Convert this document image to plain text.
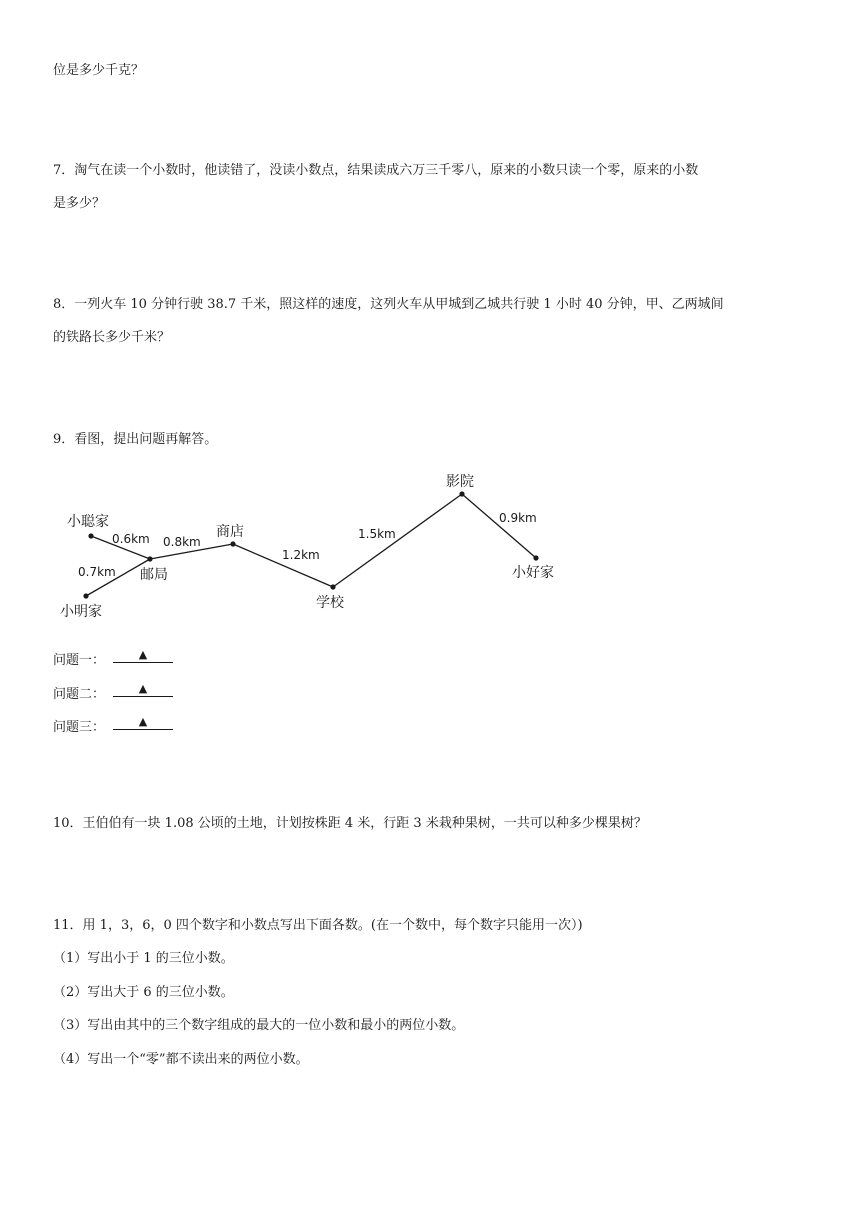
位是多少千克？
7．淘气在读一个小数时，他读错了，没读小数点，结果读成六万三千零八，原来的小数只读一个零，原来的小数
是多少？
8．一列火车 10 分钟行驶 38.7 千米，照这样的速度，这列火车从甲城到乙城共行驶 1 小时 40 分钟，甲、乙两城间
的铁路长多少千米？
9．看图，提出问题再解答。
小聪家
小明家
邮局
商店
学校
影院
小好家
0.6km
0.7km
0.8km
1.2km
1.5km
0.9km
问题一：	▲
问题二：	▲
问题三：	▲
10．王伯伯有一块 1.08 公顷的土地，计划按株距 4 米，行距 3 米栽种果树，一共可以种多少棵果树？
11．用 1，3，6，0 四个数字和小数点写出下面各数。(在一个数中，每个数字只能用一次）)
（1）写出小于 1 的三位小数。
（2）写出大于 6 的三位小数。
（3）写出由其中的三个数字组成的最大的一位小数和最小的两位小数。
（4）写出一个“零”都不读出来的两位小数。
